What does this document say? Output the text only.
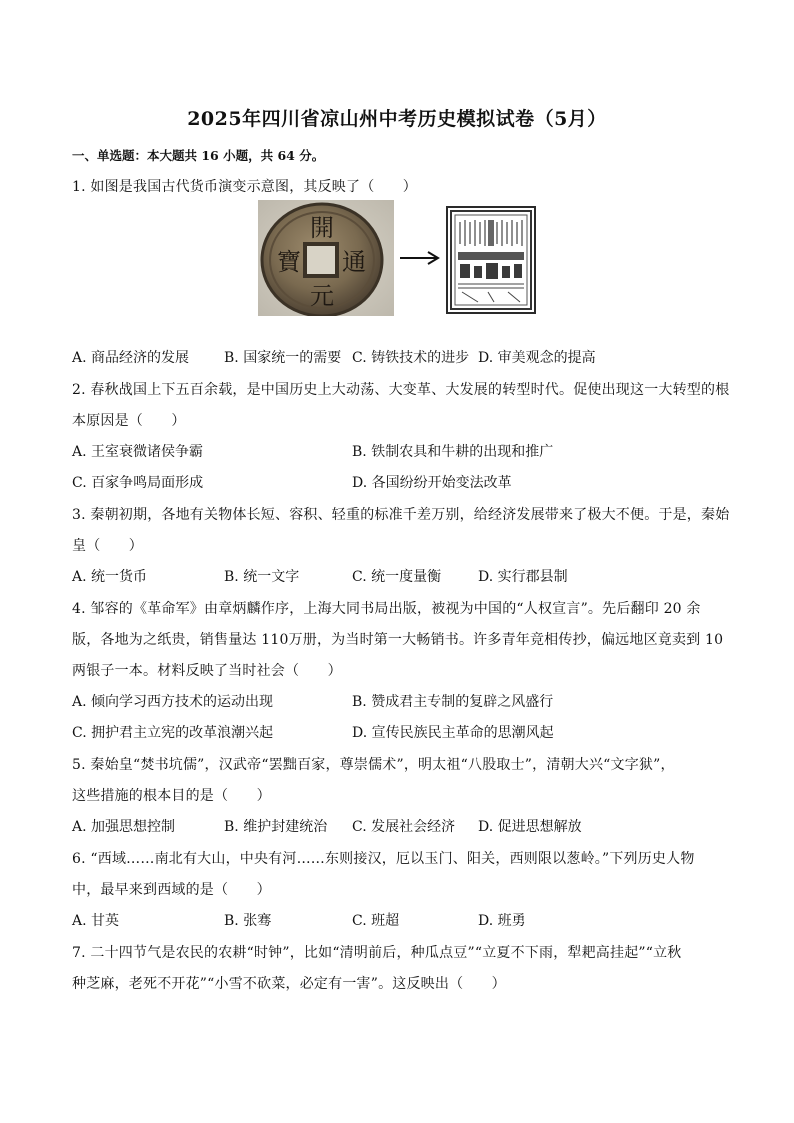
2025年四川省凉山州中考历史模拟试卷（5月）
一、单选题：本大题共 16 小题，共 64 分。
1. 如图是我国古代货币演变示意图，其反映了（　　）
開
通
元
寶
A. 商品经济的发展 B. 国家统一的需要 C. 铸铁技术的进步 D. 审美观念的提高
2. 春秋战国上下五百余载，是中国历史上大动荡、大变革、大发展的转型时代。促使出现这一大转型的根
本原因是（　　）
A. 王室衰微诸侯争霸	B. 铁制农具和牛耕的出现和推广
C. 百家争鸣局面形成	D. 各国纷纷开始变法改革
3. 秦朝初期，各地有关物体长短、容积、轻重的标准千差万别，给经济发展带来了极大不便。于是，秦始
皇（　　）
A. 统一货币	B. 统一文字	C. 统一度量衡	D. 实行郡县制
4. 邹容的《革命军》由章炳麟作序，上海大同书局出版，被视为中国的“人权宣言”。先后翻印 20 余
版，各地为之纸贵，销售量达 110万册，为当时第一大畅销书。许多青年竞相传抄，偏远地区竟卖到 10
两银子一本。材料反映了当时社会（　　）
A. 倾向学习西方技术的运动出现	B. 赞成君主专制的复辟之风盛行
C. 拥护君主立宪的改革浪潮兴起	D. 宣传民族民主革命的思潮风起
5. 秦始皇“焚书坑儒”，汉武帝“罢黜百家，尊崇儒术”，明太祖“八股取士”，清朝大兴“文字狱”，
这些措施的根本目的是（　　）
A. 加强思想控制	B. 维护封建统治 C. 发展社会经济 D. 促进思想解放
6. “西域……南北有大山，中央有河……东则接汉，厄以玉门、阳关，西则限以葱岭。”下列历史人物
中，最早来到西域的是（　　）
A. 甘英	B. 张骞	C. 班超	D. 班勇
7. 二十四节气是农民的农耕“时钟”，比如“清明前后，种瓜点豆”“立夏不下雨，犁耙高挂起”“立秋
种芝麻，老死不开花”“小雪不砍菜，必定有一害”。这反映出（　　）
